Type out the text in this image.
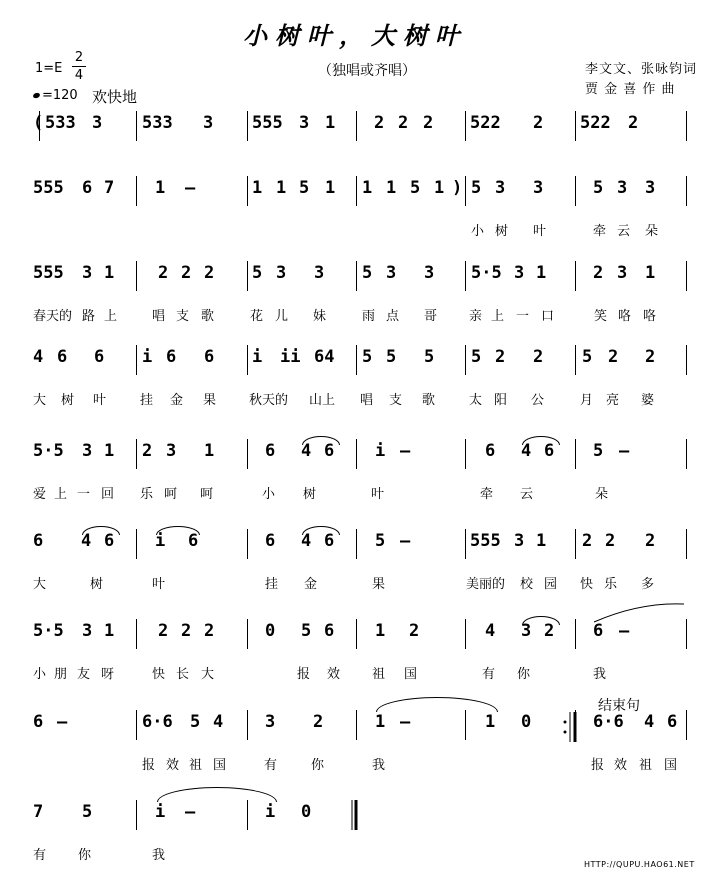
小树叶，大树叶
1=E
2
4
=120 欢快地
（独唱或齐唱）	李文文、张咏钧词
贾 金 喜 作 曲
结束句
HTTP://QUPU.HAO61.NET
( 533 3 533 3 555 3 1 2 2 2 522 2 522 2
555 6 7 1 –	1 1 5 1 1 1 5 1 ) 5 3 3	5 3 3
小 树 叶	牵 云 朵
555 3 1	2 2 2 5 3 3 5 3 3 5·5 3 1	2 3 1
春天的 路 上	唱 支 歌	花 儿 妹	雨 点 哥 亲 上 一 口	笑 咯 咯
4 6 6 i 6 6 i ii 64 5 5 5 5 2 2 5 2 2
大 树 叶	挂 金 果	秋天的 山上 唱 支 歌	太 阳 公	月 亮 婆
5·5 3 1 2 3 1	6 4 6 i –	6 4 6 5 –
爱 上 一 回 乐 呵 呵	小 树	叶	牵 云	朵
6 4 6 i 6	6 4 6 5 –	555 3 1 2 2 2
大	树	叶	挂 金	果	美丽的 校 园 快 乐 多
5·5 3 1	2 2 2	0 5 6 1 2	4 3 2 6 –
小 朋 友 呀	快 长 大	报 效 祖 国	有 你	我
6 –	6·6 5 4 3 2	1 –	1 0	6·6 4 6
报 效 祖 国	有	你	我	报 效 祖 国
7 5	i –	i 0
有 你	我
